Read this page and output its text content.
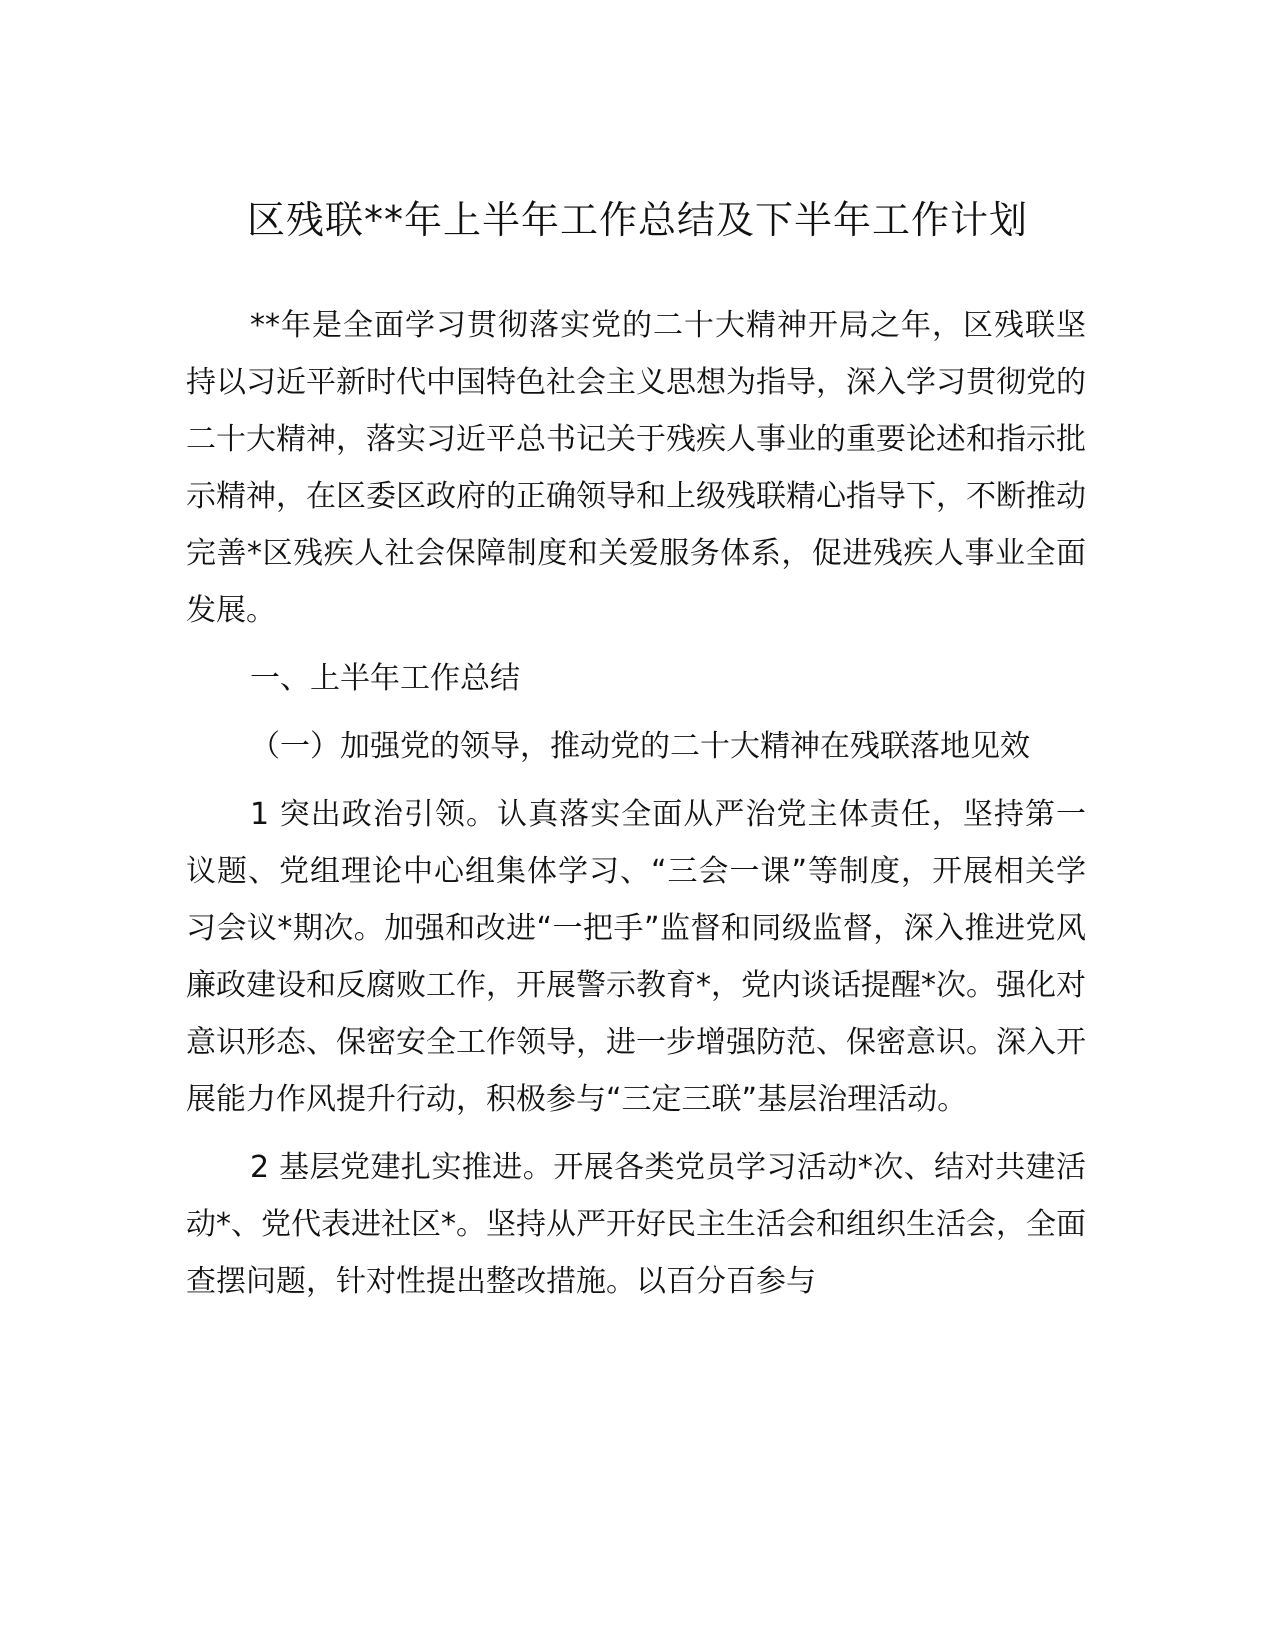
区残联**年上半年工作总结及下半年工作计划

**年是全面学习贯彻落实党的二十大精神开局之年，区残联坚持以习近平新时代中国特色社会主义思想为指导，深入学习贯彻党的二十大精神，落实习近平总书记关于残疾人事业的重要论述和指示批示精神，在区委区政府的正确领导和上级残联精心指导下，不断推动完善*区残疾人社会保障制度和关爱服务体系，促进残疾人事业全面发展。

一、上半年工作总结

（一）加强党的领导，推动党的二十大精神在残联落地见效

1 突出政治引领。认真落实全面从严治党主体责任，坚持第一议题、党组理论中心组集体学习、“三会一课”等制度，开展相关学习会议*期次。加强和改进“一把手”监督和同级监督，深入推进党风廉政建设和反腐败工作，开展警示教育*，党内谈话提醒*次。强化对意识形态、保密安全工作领导，进一步增强防范、保密意识。深入开展能力作风提升行动，积极参与“三定三联”基层治理活动。

2 基层党建扎实推进。开展各类党员学习活动*次、结对共建活动*、党代表进社区*。坚持从严开好民主生活会和组织生活会，全面查摆问题，针对性提出整改措施。以百分百参与
